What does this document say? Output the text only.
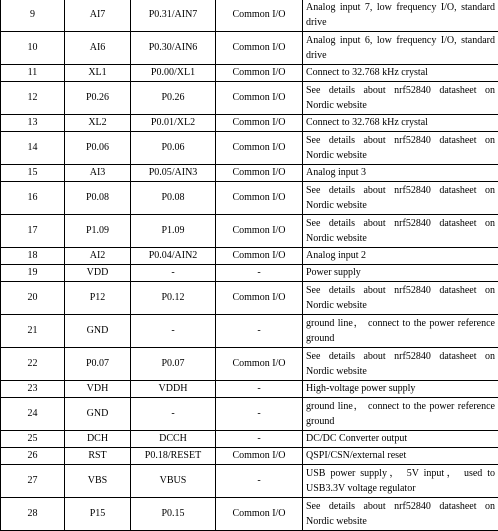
9	AI7	P0.31/AIN7	Common I/O	Analog input 7, low frequency I/O, standard drive
10	AI6	P0.30/AIN6	Common I/O	Analog input 6, low frequency I/O, standard drive
11	XL1	P0.00/XL1	Common I/O	Connect to 32.768 kHz crystal
12	P0.26	P0.26	Common I/O	See details about nrf52840 datasheet on Nordic website
13	XL2	P0.01/XL2	Common I/O	Connect to 32.768 kHz crystal
14	P0.06	P0.06	Common I/O	See details about nrf52840 datasheet on Nordic website
15	AI3	P0.05/AIN3	Common I/O	Analog input 3
16	P0.08	P0.08	Common I/O	See details about nrf52840 datasheet on Nordic website
17	P1.09	P1.09	Common I/O	See details about nrf52840 datasheet on Nordic website
18	AI2	P0.04/AIN2	Common I/O	Analog input 2
19	VDD	-	-	Power supply
20	P12	P0.12	Common I/O	See details about nrf52840 datasheet on Nordic website
21	GND	-	-	ground line， connect to the power reference ground
22	P0.07	P0.07	Common I/O	See details about nrf52840 datasheet on Nordic website
23	VDH	VDDH	-	High-voltage power supply
24	GND	-	-	ground line， connect to the power reference ground
25	DCH	DCCH	-	DC/DC Converter output
26	RST	P0.18/RESET	Common I/O	QSPI/CSN/external reset
27	VBS	VBUS	-	USB power supply， 5V input， used to USB3.3V voltage regulator
28	P15	P0.15	Common I/O	See details about nrf52840 datasheet on Nordic website
